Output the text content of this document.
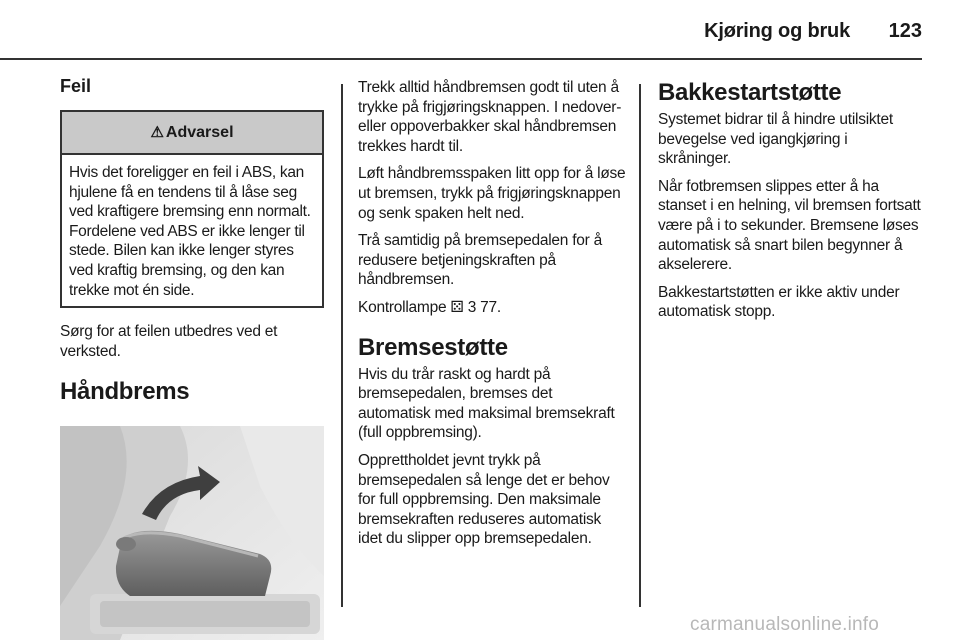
Kjøring og bruk	123
Feil
⚠ Advarsel

Hvis det foreligger en feil i ABS, kan hjulene få en tendens til å låse seg ved kraftigere bremsing enn normalt. Fordelene ved ABS er ikke lenger til stede. Bilen kan ikke lenger styres ved kraftig bremsing, og den kan trekke mot én side.

Sørg for at feilen utbedres ved et verksted.

Håndbrems

Trekk alltid håndbremsen godt til uten å trykke på frigjøringsknappen. I nedover- eller oppoverbakker skal håndbremsen trekkes hardt til.

Løft håndbremsspaken litt opp for å løse ut bremsen, trykk på frigjøringsknappen og senk spaken helt ned.

Trå samtidig på bremsepedalen for å redusere betjeningskraften på håndbremsen.

Kontrollampe ⚄ 3 77.

Bremsestøtte

Hvis du trår raskt og hardt på bremsepedalen, bremses det automatisk med maksimal bremsekraft (full oppbremsing).

Opprettholdet jevnt trykk på bremsepedalen så lenge det er behov for full oppbremsing. Den maksimale bremsekraften reduseres automatisk idet du slipper opp bremsepedalen.

Bakkestartstøtte

Systemet bidrar til å hindre utilsiktet bevegelse ved igangkjøring i skråninger.

Når fotbremsen slippes etter å ha stanset i en helning, vil bremsen fortsatt være på i to sekunder. Bremsene løses automatisk så snart bilen begynner å akselerere.

Bakkestartstøtten er ikke aktiv under automatisk stopp.

carmanualsonline.info
